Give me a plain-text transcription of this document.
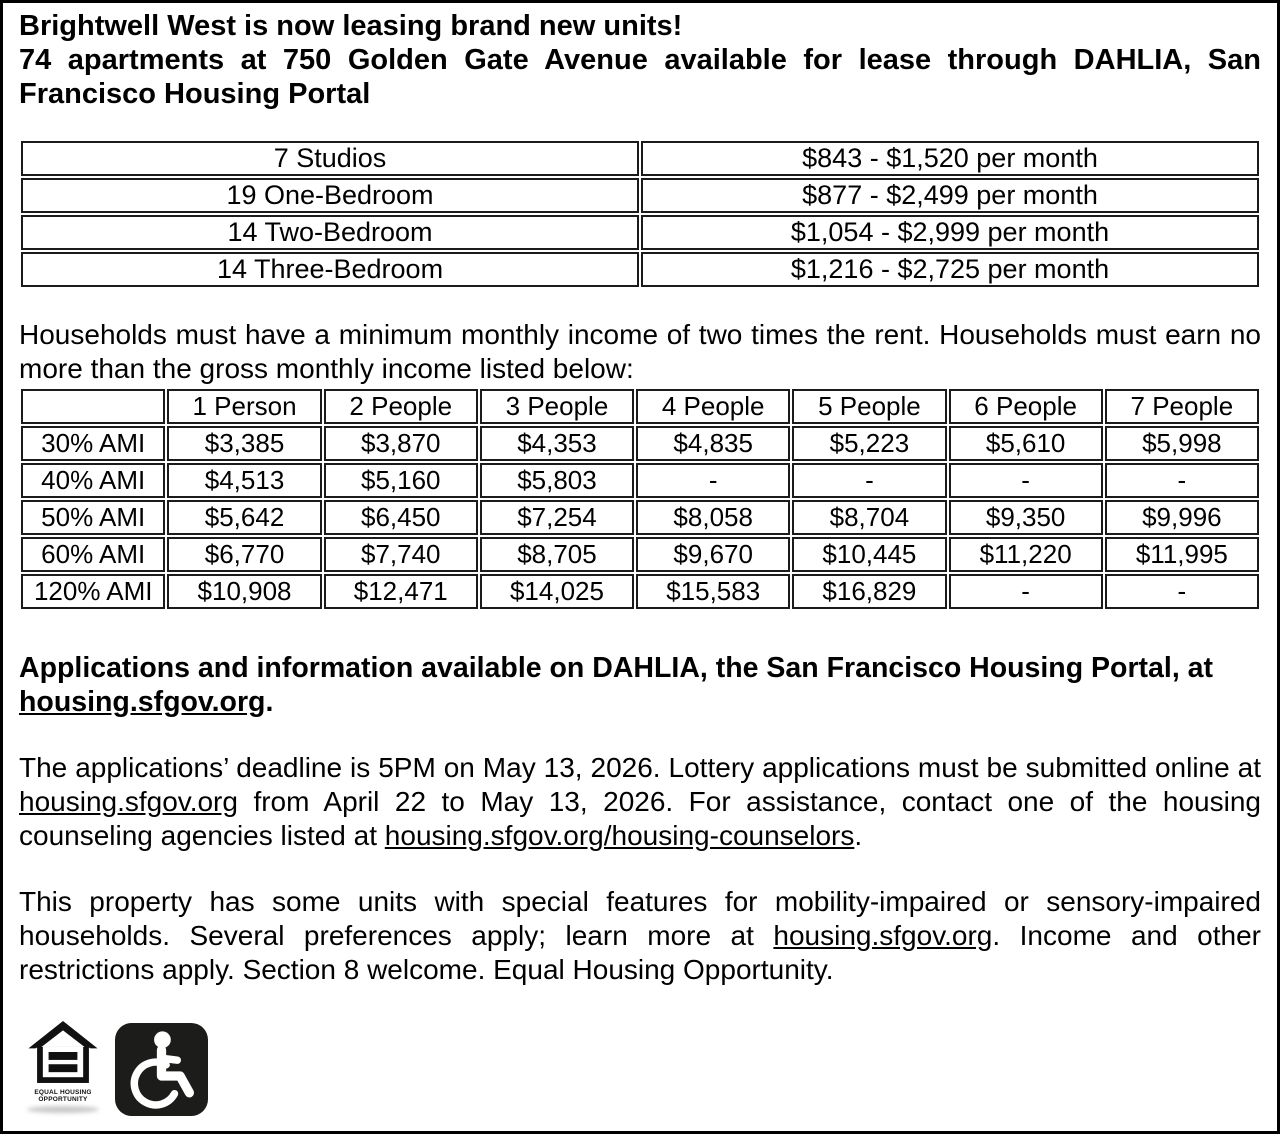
Brightwell West is now leasing brand new units!
74 apartments at 750 Golden Gate Avenue available for lease through DAHLIA, San Francisco Housing Portal

7 Studios	$843 - $1,520 per month
19 One-Bedroom	$877 - $2,499 per month
14 Two-Bedroom	$1,054 - $2,999 per month
14 Three-Bedroom	$1,216 - $2,725 per month

Households must have a minimum monthly income of two times the rent. Households must earn no more than the gross monthly income listed below:

	1 Person	2 People	3 People	4 People	5 People	6 People	7 People
30% AMI	$3,385	$3,870	$4,353	$4,835	$5,223	$5,610	$5,998
40% AMI	$4,513	$5,160	$5,803	-	-	-	-
50% AMI	$5,642	$6,450	$7,254	$8,058	$8,704	$9,350	$9,996
60% AMI	$6,770	$7,740	$8,705	$9,670	$10,445	$11,220	$11,995
120% AMI	$10,908	$12,471	$14,025	$15,583	$16,829	-	-

Applications and information available on DAHLIA, the San Francisco Housing Portal, at housing.sfgov.org.

The applications’ deadline is 5PM on May 13, 2026. Lottery applications must be submitted online at housing.sfgov.org from April 22 to May 13, 2026. For assistance, contact one of the housing counseling agencies listed at housing.sfgov.org/housing-counselors.

This property has some units with special features for mobility-impaired or sensory-impaired households. Several preferences apply; learn more at housing.sfgov.org. Income and other restrictions apply. Section 8 welcome. Equal Housing Opportunity.

EQUAL HOUSING
OPPORTUNITY
